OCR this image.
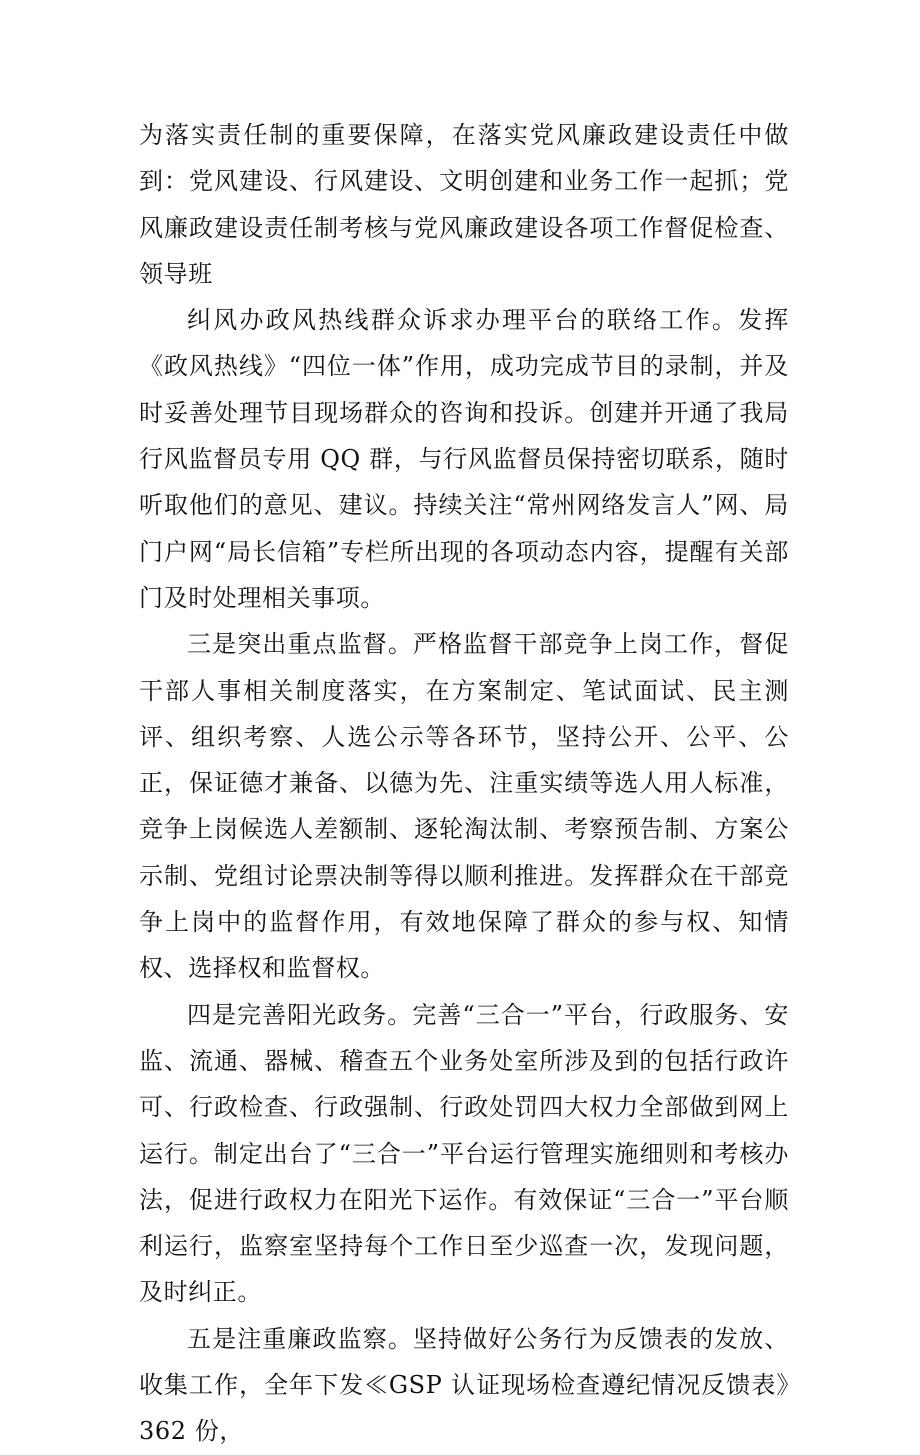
为落实责任制的重要保障，在落实党风廉政建设责任中做到：党风建设、行风建设、文明创建和业务工作一起抓；党风廉政建设责任制考核与党风廉政建设各项工作督促检查、领导班

纠风办政风热线群众诉求办理平台的联络工作。发挥《政风热线》“四位一体”作用，成功完成节目的录制，并及时妥善处理节目现场群众的咨询和投诉。创建并开通了我局行风监督员专用 QQ 群，与行风监督员保持密切联系，随时听取他们的意见、建议。持续关注“常州网络发言人”网、局门户网“局长信箱”专栏所出现的各项动态内容，提醒有关部门及时处理相关事项。

三是突出重点监督。严格监督干部竞争上岗工作，督促干部人事相关制度落实，在方案制定、笔试面试、民主测评、组织考察、人选公示等各环节，坚持公开、公平、公正，保证德才兼备、以德为先、注重实绩等选人用人标准，竞争上岗候选人差额制、逐轮淘汰制、考察预告制、方案公示制、党组讨论票决制等得以顺利推进。发挥群众在干部竞争上岗中的监督作用，有效地保障了群众的参与权、知情权、选择权和监督权。

四是完善阳光政务。完善“三合一”平台，行政服务、安监、流通、器械、稽查五个业务处室所涉及到的包括行政许可、行政检查、行政强制、行政处罚四大权力全部做到网上运行。制定出台了“三合一”平台运行管理实施细则和考核办法，促进行政权力在阳光下运作。有效保证“三合一”平台顺利运行，监察室坚持每个工作日至少巡查一次，发现问题，及时纠正。

五是注重廉政监察。坚持做好公务行为反馈表的发放、收集工作，全年下发≪GSP 认证现场检查遵纪情况反馈表》362 份，
